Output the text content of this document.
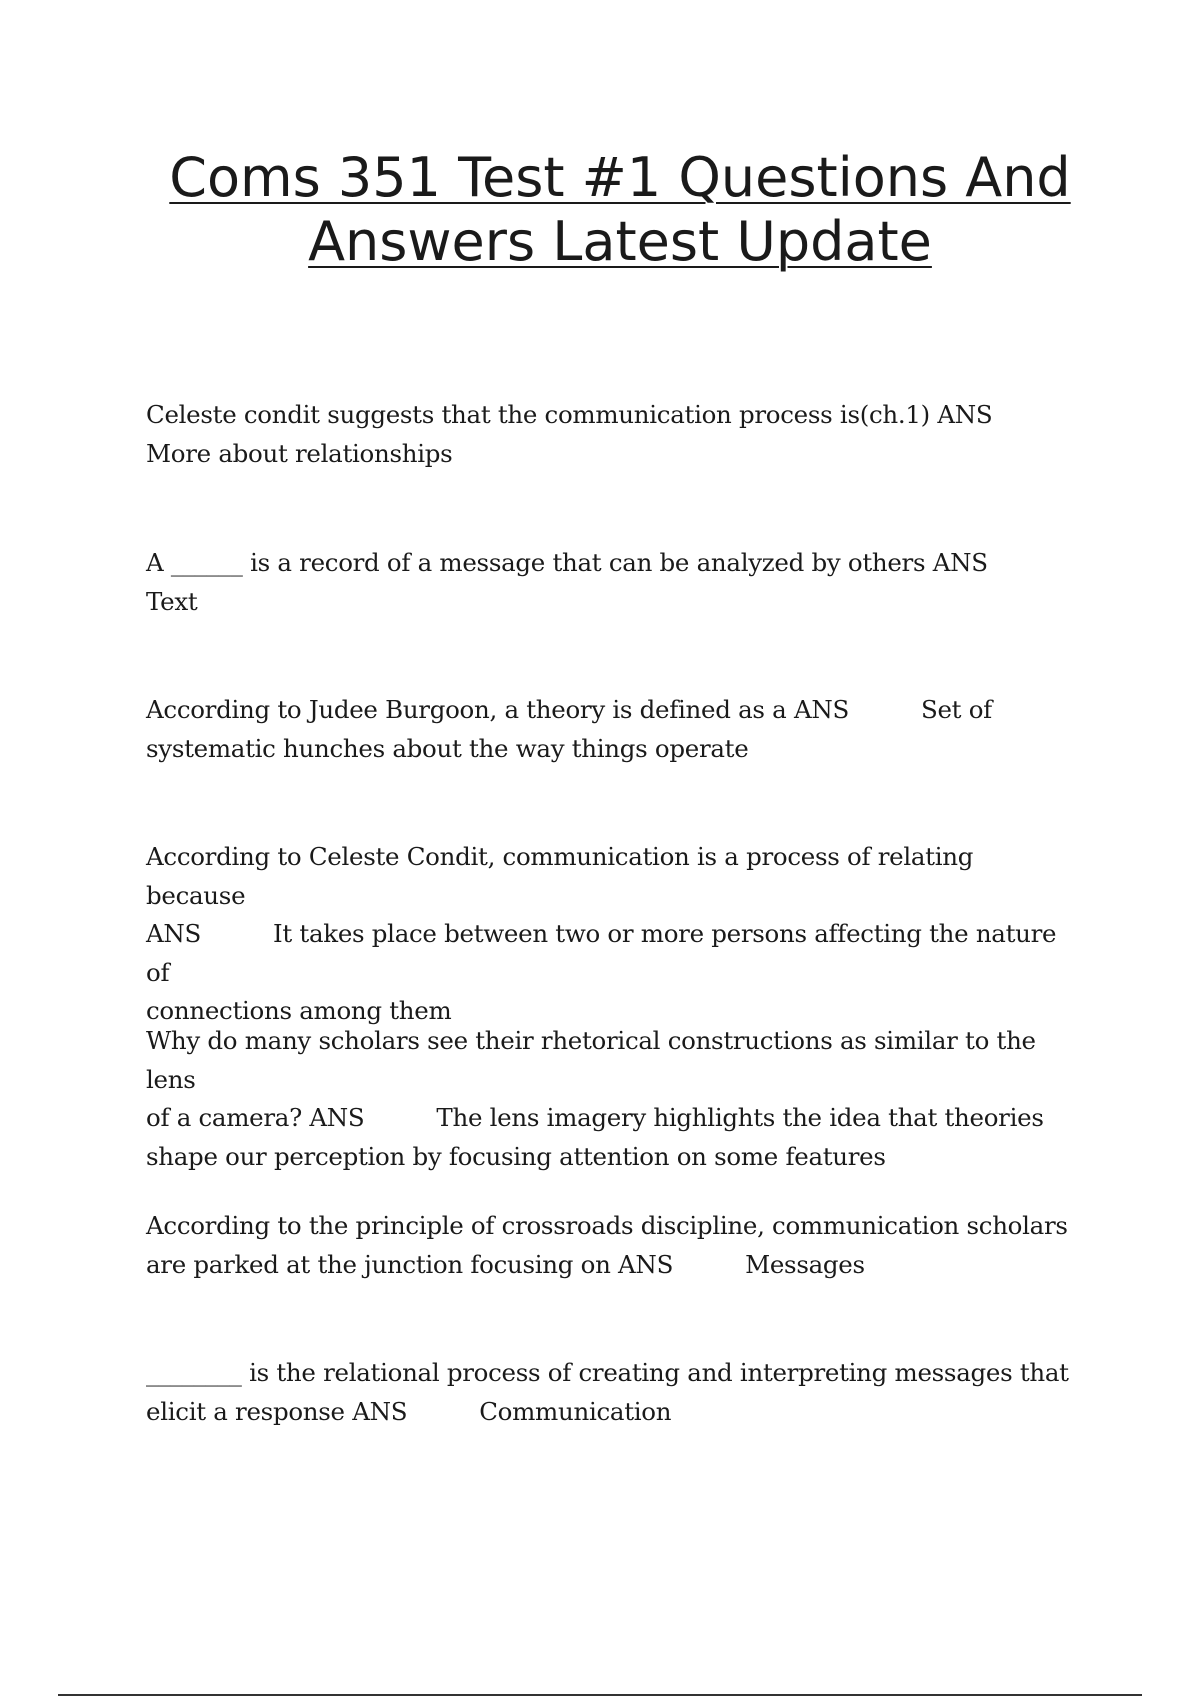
Coms 351 Test #1 Questions And
Answers Latest Update

Celeste condit suggests that the communication process is(ch.1) ANS
More about relationships

A ______ is a record of a message that can be analyzed by others ANS
Text

According to Judee Burgoon, a theory is defined as a ANS	Set of
systematic hunches about the way things operate

According to Celeste Condit, communication is a process of relating because
ANS	It takes place between two or more persons affecting the nature of
connections among them

Why do many scholars see their rhetorical constructions as similar to the lens
of a camera? ANS	The lens imagery highlights the idea that theories
shape our perception by focusing attention on some features

According to the principle of crossroads discipline, communication scholars
are parked at the junction focusing on ANS	Messages

________ is the relational process of creating and interpreting messages that
elicit a response ANS	Communication
